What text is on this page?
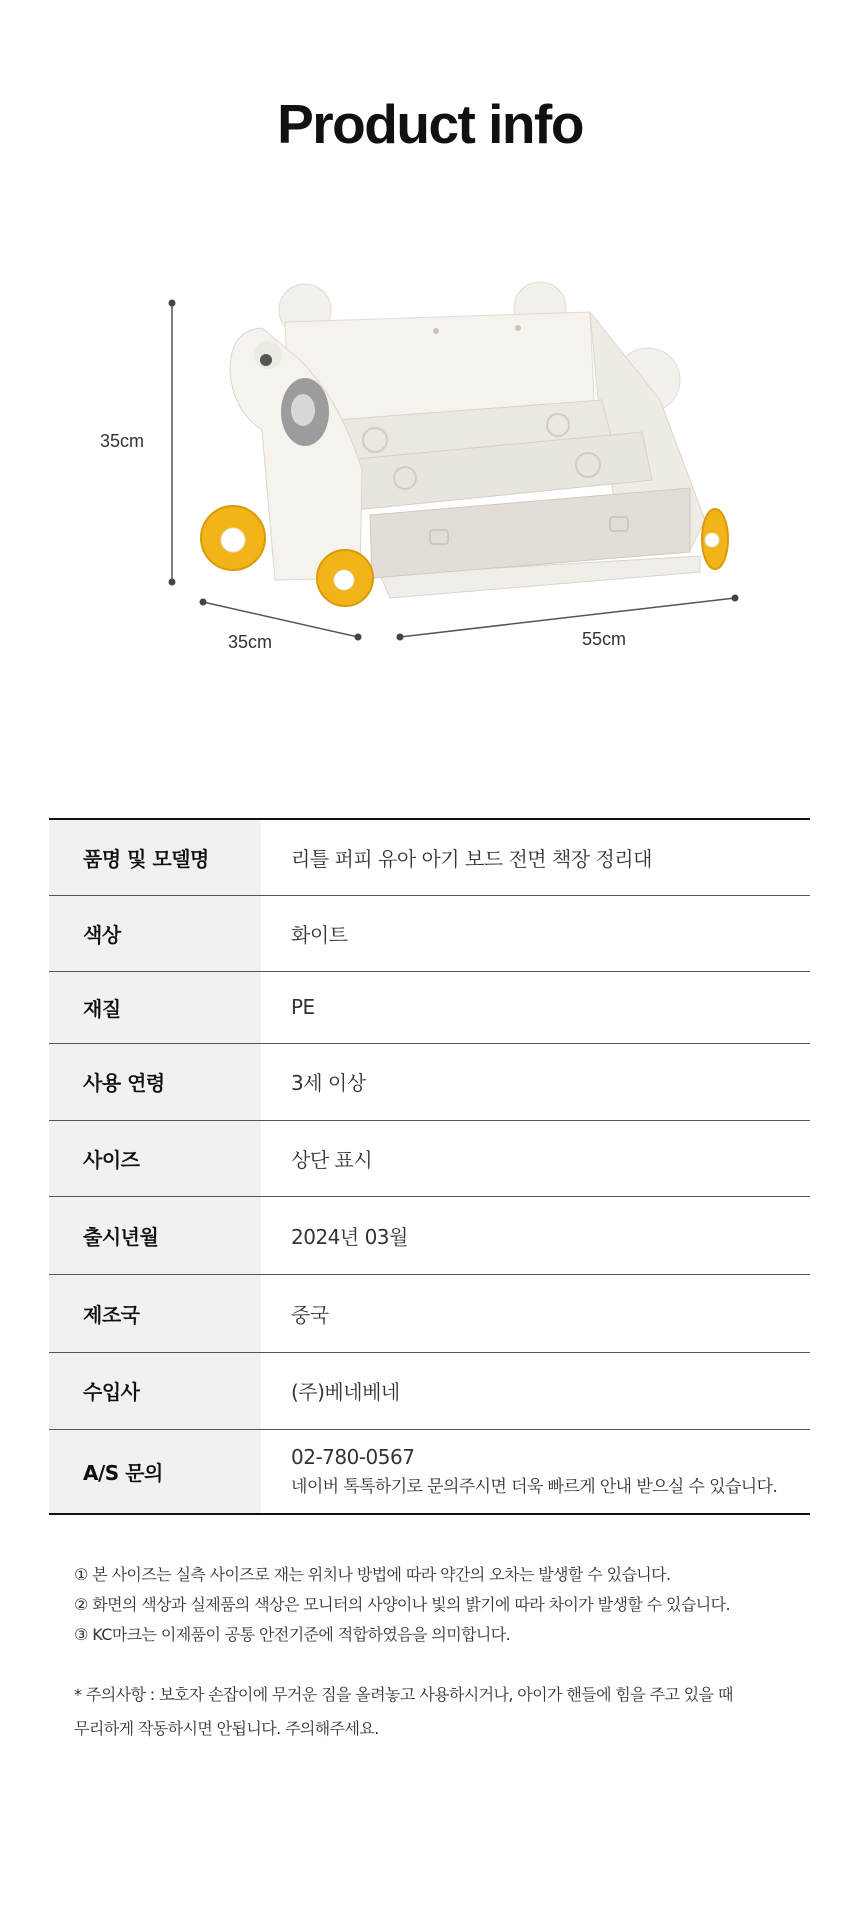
Product info
35cm
35cm	55cm
품명 및 모델명	리틀 퍼피 유아 아기 보드 전면 책장 정리대
색상	화이트
재질	PE
사용 연령	3세 이상
사이즈	상단 표시
출시년월	2024년 03월
제조국	중국
수입사	(주)베네베네
A/S 문의	02-780-0567
네이버 톡톡하기로 문의주시면 더욱 빠르게 안내 받으실 수 있습니다.

① 본 사이즈는 실측 사이즈로 재는 위치나 방법에 따라 약간의 오차는 발생할 수 있습니다.

② 화면의 색상과 실제품의 색상은 모니터의 사양이나 빛의 밝기에 따라 차이가 발생할 수 있습니다.

③ KC마크는 이제품이 공통 안전기준에 적합하였음을 의미합니다.

* 주의사항 : 보호자 손잡이에 무거운 짐을 올려놓고 사용하시거나, 아이가 핸들에 힘을 주고 있을 때

무리하게 작동하시면 안됩니다. 주의해주세요.
